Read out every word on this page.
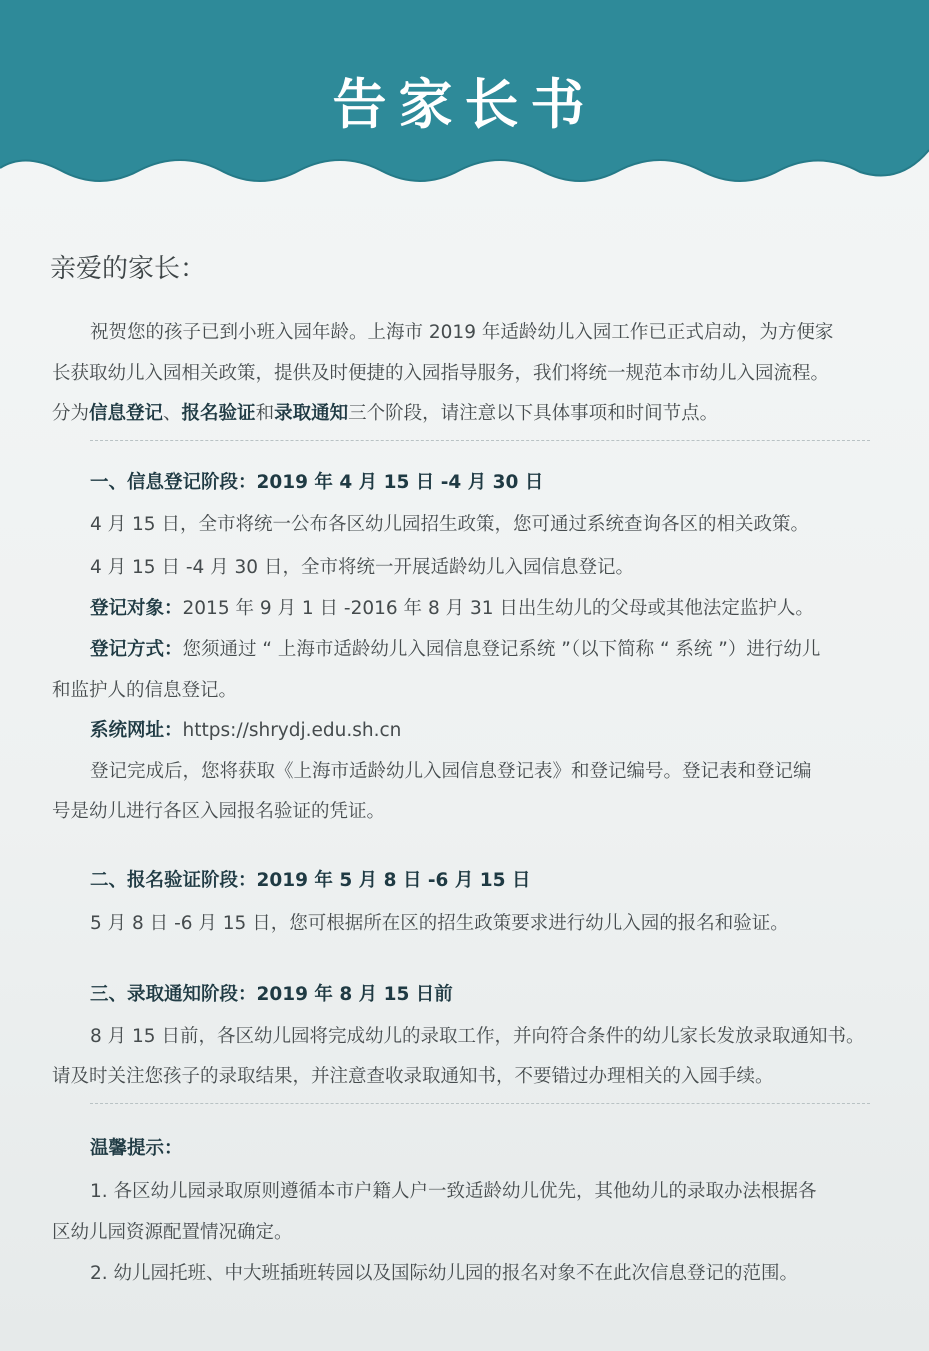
告家长书
亲爱的家长：
祝贺您的孩子已到小班入园年龄。上海市 2019 年适龄幼儿入园工作已正式启动，为方便家
长获取幼儿入园相关政策，提供及时便捷的入园指导服务，我们将统一规范本市幼儿入园流程。
分为信息登记、报名验证和录取通知三个阶段，请注意以下具体事项和时间节点。
一、信息登记阶段：2019 年 4 月 15 日 -4 月 30 日
4 月 15 日，全市将统一公布各区幼儿园招生政策，您可通过系统查询各区的相关政策。
4 月 15 日 -4 月 30 日，全市将统一开展适龄幼儿入园信息登记。
登记对象：2015 年 9 月 1 日 -2016 年 8 月 31 日出生幼儿的父母或其他法定监护人。
登记方式：您须通过 “ 上海市适龄幼儿入园信息登记系统 ”（以下简称 “ 系统 ”）进行幼儿
和监护人的信息登记。
系统网址：https://shrydj.edu.sh.cn
登记完成后，您将获取《上海市适龄幼儿入园信息登记表》和登记编号。登记表和登记编
号是幼儿进行各区入园报名验证的凭证。
二、报名验证阶段：2019 年 5 月 8 日 -6 月 15 日
5 月 8 日 -6 月 15 日，您可根据所在区的招生政策要求进行幼儿入园的报名和验证。
三、录取通知阶段：2019 年 8 月 15 日前
8 月 15 日前，各区幼儿园将完成幼儿的录取工作，并向符合条件的幼儿家长发放录取通知书。
请及时关注您孩子的录取结果，并注意查收录取通知书，不要错过办理相关的入园手续。
温馨提示：
1. 各区幼儿园录取原则遵循本市户籍人户一致适龄幼儿优先，其他幼儿的录取办法根据各
区幼儿园资源配置情况确定。
2. 幼儿园托班、中大班插班转园以及国际幼儿园的报名对象不在此次信息登记的范围。
